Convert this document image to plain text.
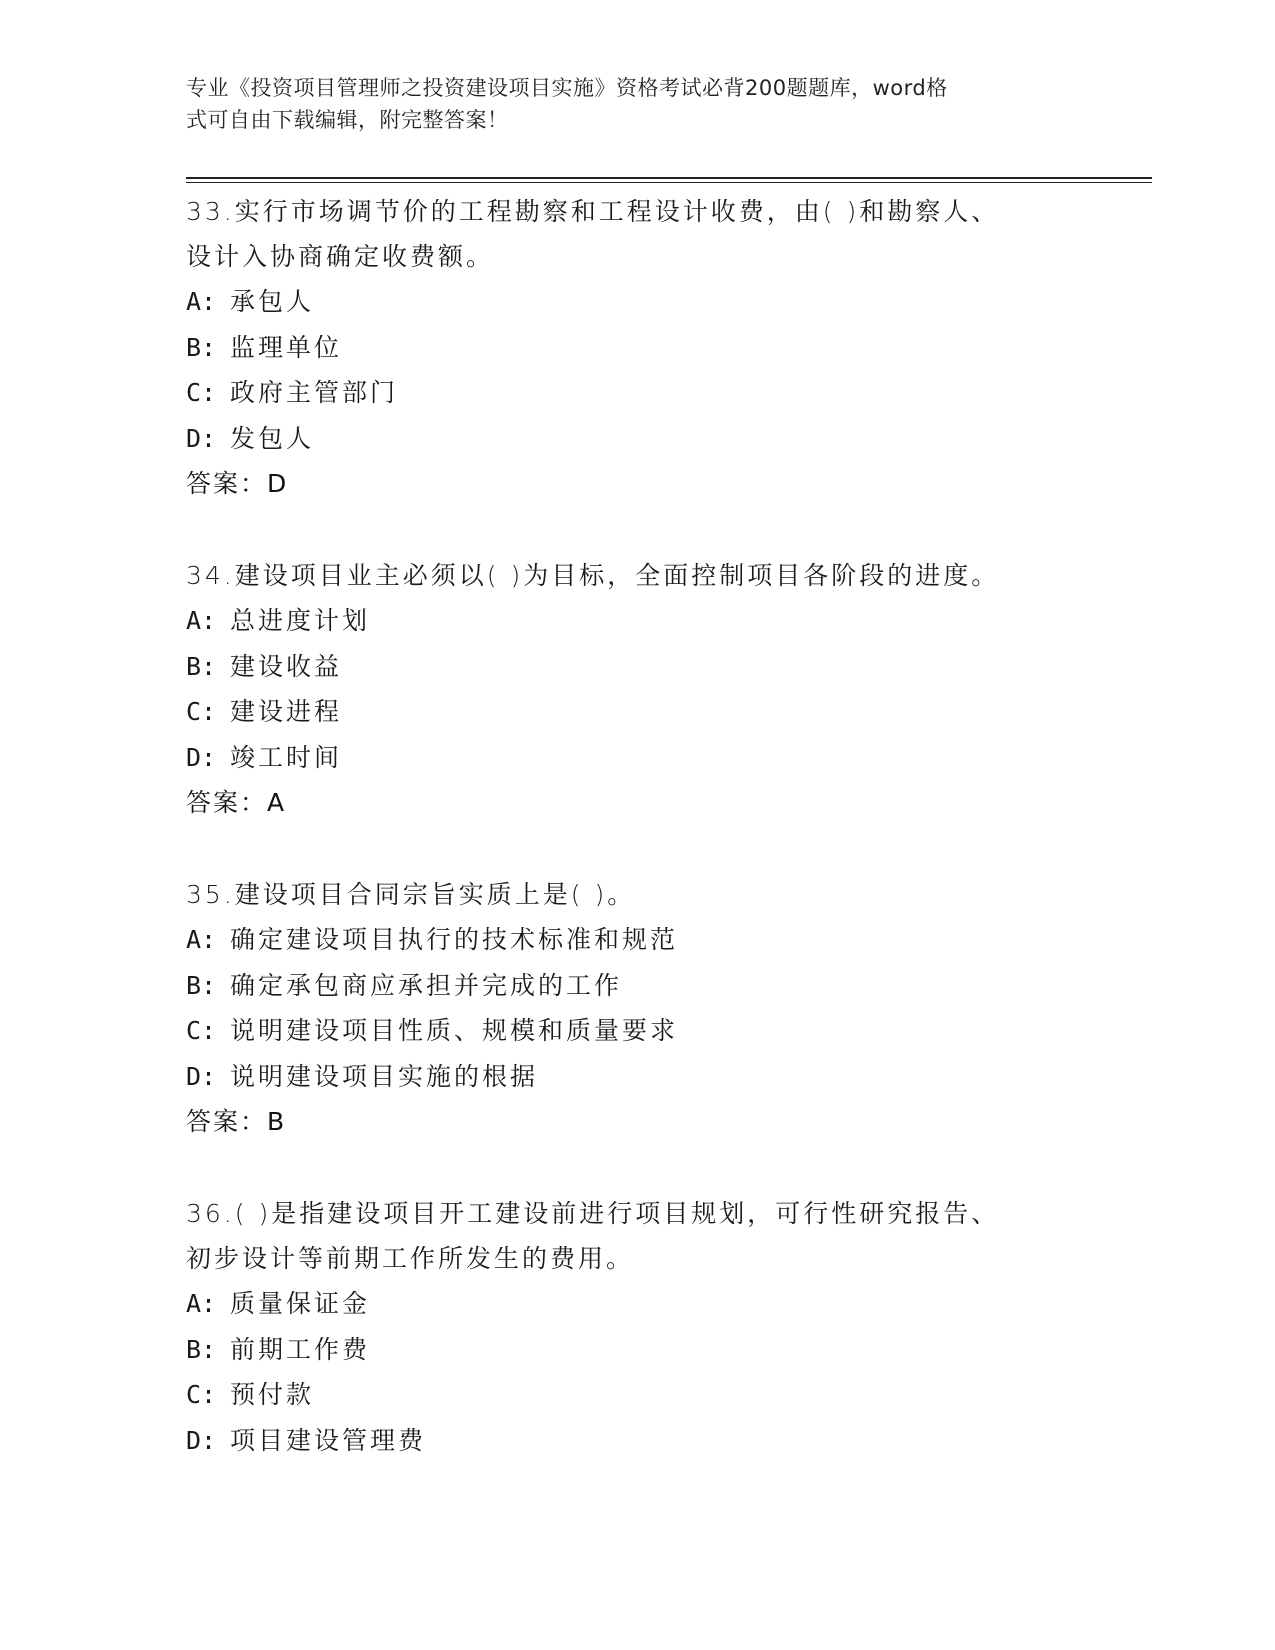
专业《投资项目管理师之投资建设项目实施》资格考试必背200题题库，word格
式可自由下载编辑，附完整答案！
33.实行市场调节价的工程勘察和工程设计收费，由( )和勘察人、
设计入协商确定收费额。
A: 承包人
B: 监理单位
C: 政府主管部门
D: 发包人
答案：D
34.建设项目业主必须以( )为目标，全面控制项目各阶段的进度。
A: 总进度计划
B: 建设收益
C: 建设进程
D: 竣工时间
答案：A
35.建设项目合同宗旨实质上是( )。
A: 确定建设项目执行的技术标准和规范
B: 确定承包商应承担并完成的工作
C: 说明建设项目性质、规模和质量要求
D: 说明建设项目实施的根据
答案：B
36.( )是指建设项目开工建设前进行项目规划，可行性研究报告、
初步设计等前期工作所发生的费用。
A: 质量保证金
B: 前期工作费
C: 预付款
D: 项目建设管理费
